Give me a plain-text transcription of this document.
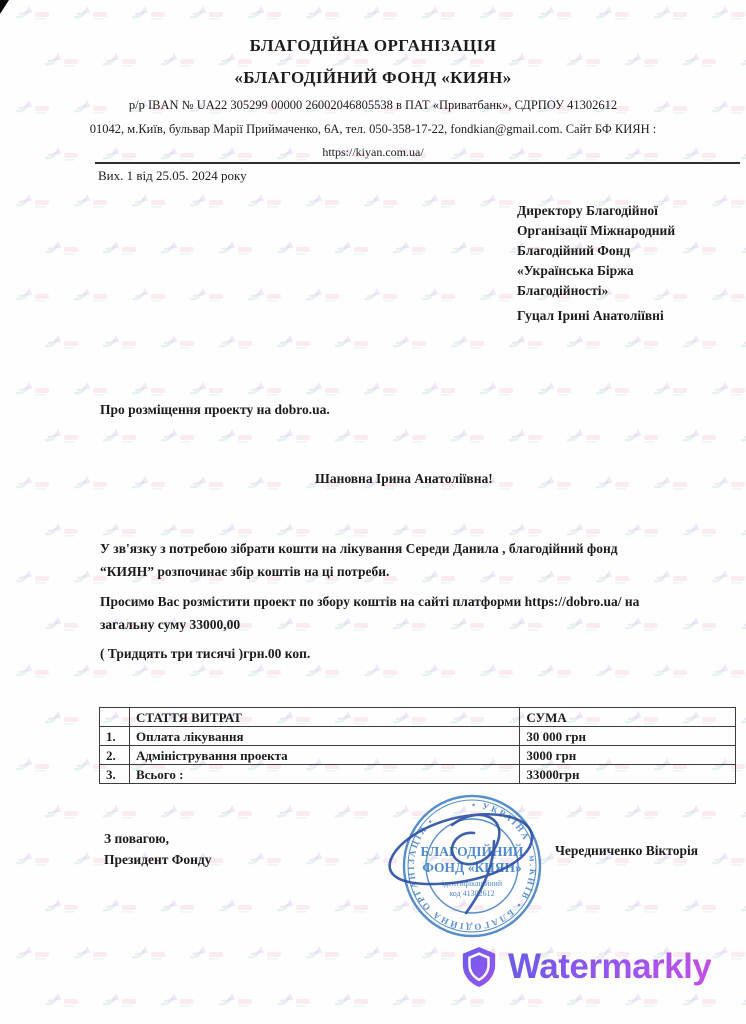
БЛАГОДІЙНА ОРГАНІЗАЦІЯ
«БЛАГОДІЙНИЙ ФОНД «КИЯН»
р/р IBAN № UA22 305299 00000 26002046805538 в ПАТ «Приватбанк», СДРПОУ 41302612
01042, м.Київ, бульвар Марії Приймаченко, 6А, тел. 050-358-17-22, fondkian@gmail.com. Сайт БФ КИЯН :
https://kiyan.com.ua/
Вих. 1 від 25.05. 2024 року
Директору Благодійної
Організації Міжнародний
Благодійний Фонд
«Українська Біржа
Благодійності»
Гуцал Ірині Анатоліївні
Про розміщення проекту на dobro.ua.
Шановна Ірина Анатоліївна!
У зв'язку з потребою зібрати кошти на лікування Середи Данила , благодійний фонд
“КИЯН” розпочинає збір коштів на ці потреби.
Просимо Вас розмістити проект по збору коштів на сайті платформи https://dobro.ua/ на
загальну суму 33000,00
( Тридцять три тисячі )грн.00 коп.
	СТАТТЯ ВИТРАТ	СУМА
1.	Оплата лікування	30 000 грн
2.	Адміністрування проекта	3000 грн
3.	Всього :	33000грн
З повагою,
Президент Фонду
Чередниченко Вікторія
• УКРАЇНА • м.КИЇВ • БЛАГОДІЙНА ОРГАНІЗАЦІЯ •
БЛАГОДІЙНИЙ
ФОНД «КИЯН»
ідентифікаційний
код 41302612
Watermarkly
